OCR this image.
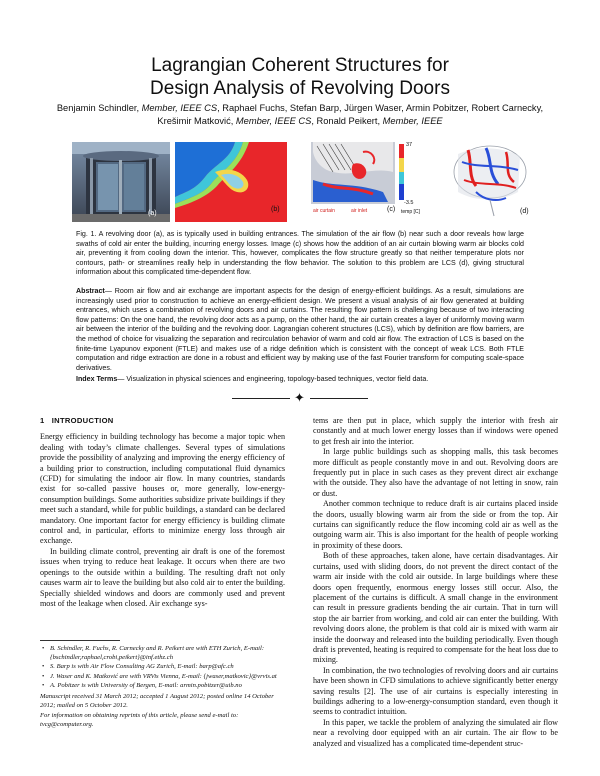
Lagrangian Coherent Structures for
Design Analysis of Revolving Doors
Benjamin Schindler, Member, IEEE CS, Raphael Fuchs, Stefan Barp, Jürgen Waser, Armin Pobitzer, Robert Carnecky,
Krešimir Matković, Member, IEEE CS, Ronald Peikert, Member, IEEE
(a)
(b)
37
-3.5
temp [C]
air curtain	air inlet	(c)	(d)
Fig. 1. A revolving door (a), as is typically used in building entrances. The simulation of the air flow (b) near such a door reveals how large swaths of cold air enter the building, incurring energy losses. Image (c) shows how the addition of an air curtain blowing warm air blocks cold air, preventing it from cooling down the interior. This, however, complicates the flow structure greatly so that neither temperature plots nor contours, path- or streamlines really help in understanding the flow behavior. The solution to this problem are LCS (d), giving structural information about this complicated time-dependent flow.
Abstract— Room air flow and air exchange are important aspects for the design of energy-efficient buildings. As a result, simulations are increasingly used prior to construction to achieve an energy-efficient design. We present a visual analysis of air flow generated at building entrances, which uses a combination of revolving doors and air curtains. The resulting flow pattern is challenging because of two interacting flow patterns: On the one hand, the revolving door acts as a pump, on the other hand, the air curtain creates a layer of uniformly moving warm air between the interior of the building and the revolving door. Lagrangian coherent structures (LCS), which by definition are flow barriers, are the method of choice for visualizing the separation and recirculation behavior of warm and cold air flow. The extraction of LCS is based on the finite-time Lyapunov exponent (FTLE) and makes use of a ridge definition which is consistent with the concept of weak LCS. Both FTLE computation and ridge extraction are done in a robust and efficient way by making use of the fast Fourier transform for computing scale-space derivatives.
Index Terms— Visualization in physical sciences and engineering, topology-based techniques, vector field data.
✦
1 INTRODUCTION

Energy efficiency in building technology has become a major topic when dealing with today’s climate challenges. Several types of simulations provide the possibility of analyzing and improving the energy efficiency of a building prior to construction, including computational fluid dynamics (CFD) for simulating the indoor air flow. In many countries, standards exist for so-called passive houses or, more generally, low-energy-consumption buildings. Some authorities subsidize private buildings if they meet such a standard, while for public buildings, a standard can be declared mandatory. One important factor for energy efficiency is building climate control and, in particular, efforts to minimize energy loss through air exchange.

In building climate control, preventing air draft is one of the foremost issues when trying to reduce heat leakage. It occurs when there are two openings to the outside within a building. The resulting draft not only causes warm air to leave the building but also cold air to enter the building. Specially shielded windows and doors are commonly used and prevent most of the leakage when closed. Air exchange sys-

• B. Schindler, R. Fuchs, R. Carnecky and R. Peikert are with ETH Zurich, E-mail: {bschindler,raphael,crobi,peikert}@inf.ethz.ch
• S. Barp is with Air Flow Consulting AG Zurich, E-mail: barp@afc.ch
• J. Waser and K. Matković are with VRVis Vienna, E-mail: {jwaser,matkovic}@vrvis.at
• A. Pobitzer is with University of Bergen, E-mail: armin.pobitzer@uib.no

Manuscript received 31 March 2012; accepted 1 August 2012; posted online 14 October 2012; mailed on 5 October 2012.

For information on obtaining reprints of this article, please send e-mail to: tvcg@computer.org.

tems are then put in place, which supply the interior with fresh air constantly and at much lower energy losses than if windows were opened to get fresh air into the interior.

In large public buildings such as shopping malls, this task becomes more difficult as people constantly move in and out. Revolving doors are frequently put in place in such cases as they prevent direct air exchange with the outside. They also have the advantage of not letting in snow, rain or dust.

Another common technique to reduce draft is air curtains placed inside the doors, usually blowing warm air from the side or from the top. Air curtains can significantly reduce the flow incoming cold air as well as the outgoing warm air. This is also important for the health of people working in proximity of these doors.

Both of these approaches, taken alone, have certain disadvantages. Air curtains, used with sliding doors, do not prevent the direct contact of the warm air inside with the cold air outside. In large buildings where these doors open frequently, enormous energy losses still occur. Also, the placement of the curtains is difficult. A small change in the environment can result in pressure gradients bending the air curtain. That in turn will stop the air barrier from working, and cold air can enter the building. With revolving doors alone, the problem is that cold air is mixed with warm air inside the doorway and released into the building periodically. Even though draft is prevented, heating is required to compensate for the heat loss due to mixing.

In combination, the two technologies of revolving doors and air curtains have been shown in CFD simulations to achieve significantly better energy saving results [2]. The use of air curtains is especially interesting in buildings adhering to a low-energy-consumption standard, even though it seems to contradict intuition.

In this paper, we tackle the problem of analyzing the simulated air flow near a revolving door equipped with an air curtain. The air flow to be analyzed and visualized has a complicated time-dependent struc-
